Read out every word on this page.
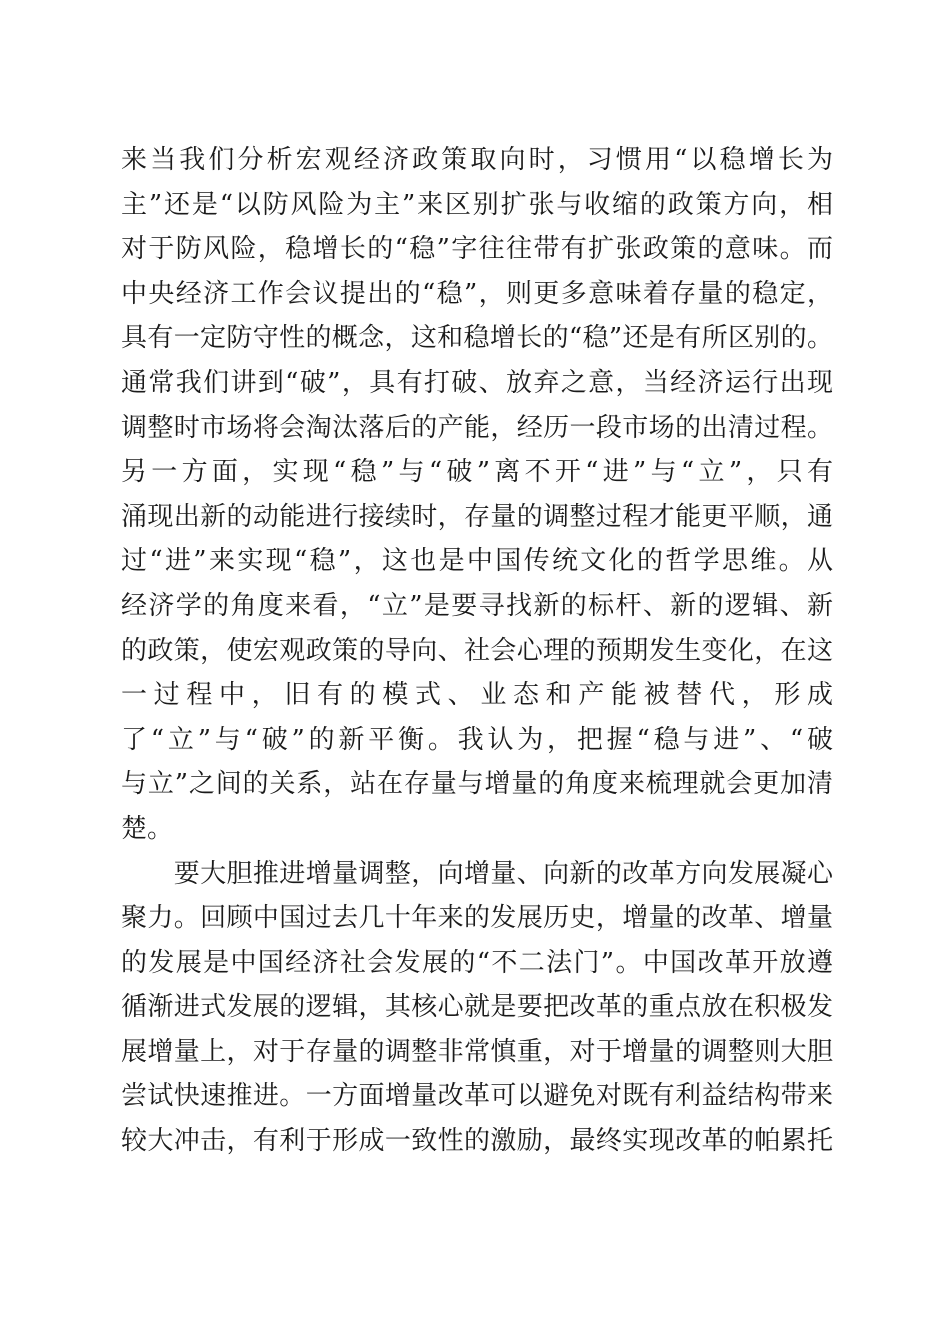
来当我们分析宏观经济政策取向时，习惯用“以稳增长为
主”还是“以防风险为主”来区别扩张与收缩的政策方向，相
对于防风险，稳增长的“稳”字往往带有扩张政策的意味。而
中央经济工作会议提出的“稳”，则更多意味着存量的稳定，
具有一定防守性的概念，这和稳增长的“稳”还是有所区别的。
通常我们讲到“破”，具有打破、放弃之意，当经济运行出现
调整时市场将会淘汰落后的产能，经历一段市场的出清过程。
另一方面，实现“稳”与“破”离不开“进”与“立”，只有
涌现出新的动能进行接续时，存量的调整过程才能更平顺，通
过“进”来实现“稳”，这也是中国传统文化的哲学思维。从
经济学的角度来看，“立”是要寻找新的标杆、新的逻辑、新
的政策，使宏观政策的导向、社会心理的预期发生变化，在这
一过程中，旧有的模式、业态和产能被替代，形成
了“立”与“破”的新平衡。我认为，把握“稳与进”、“破
与立”之间的关系，站在存量与增量的角度来梳理就会更加清
楚。
　　要大胆推进增量调整，向增量、向新的改革方向发展凝心
聚力。回顾中国过去几十年来的发展历史，增量的改革、增量
的发展是中国经济社会发展的“不二法门”。中国改革开放遵
循渐进式发展的逻辑，其核心就是要把改革的重点放在积极发
展增量上，对于存量的调整非常慎重，对于增量的调整则大胆
尝试快速推进。一方面增量改革可以避免对既有利益结构带来
较大冲击，有利于形成一致性的激励，最终实现改革的帕累托
